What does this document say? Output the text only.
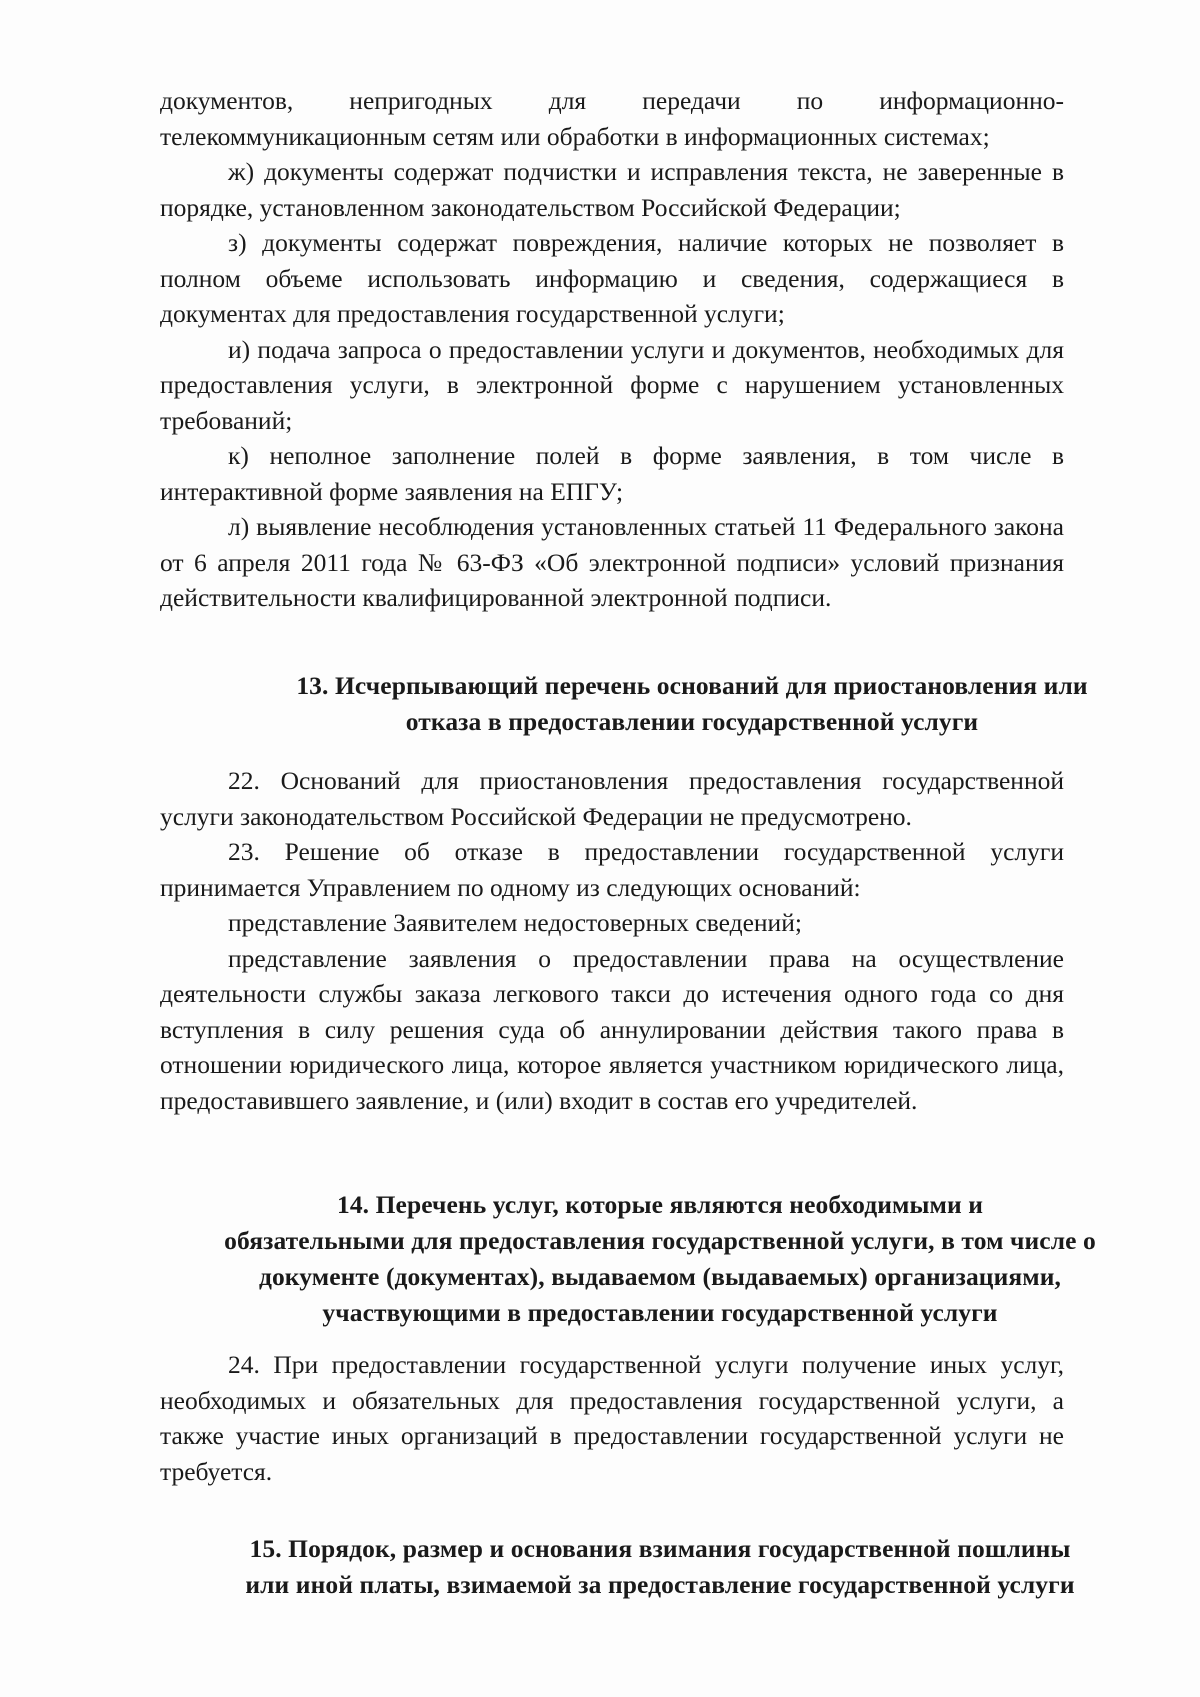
документов, непригодных для передачи по информационно-телекоммуникационным сетям или обработки в информационных системах;

ж) документы содержат подчистки и исправления текста, не заверенные в порядке, установленном законодательством Российской Федерации;

з) документы содержат повреждения, наличие которых не позволяет в полном объеме использовать информацию и сведения, содержащиеся в документах для предоставления государственной услуги;

и) подача запроса о предоставлении услуги и документов, необходимых для предоставления услуги, в электронной форме с нарушением установленных требований;

к) неполное заполнение полей в форме заявления, в том числе в интерактивной форме заявления на ЕПГУ;

л) выявление несоблюдения установленных статьей 11 Федерального закона от 6 апреля 2011 года № 63-ФЗ «Об электронной подписи» условий признания действительности квалифицированной электронной подписи.

13. Исчерпывающий перечень оснований для приостановления или
отказа в предоставлении государственной услуги

22. Оснований для приостановления предоставления государственной услуги законодательством Российской Федерации не предусмотрено.

23. Решение об отказе в предоставлении государственной услуги принимается Управлением по одному из следующих оснований:

представление Заявителем недостоверных сведений;

представление заявления о предоставлении права на осуществление деятельности службы заказа легкового такси до истечения одного года со дня вступления в силу решения суда об аннулировании действия такого права в отношении юридического лица, которое является участником юридического лица, предоставившего заявление, и (или) входит в состав его учредителей.

14. Перечень услуг, которые являются необходимыми и
обязательными для предоставления государственной услуги, в том числе о
документе (документах), выдаваемом (выдаваемых) организациями,
участвующими в предоставлении государственной услуги

24. При предоставлении государственной услуги получение иных услуг, необходимых и обязательных для предоставления государственной услуги, а также участие иных организаций в предоставлении государственной услуги не требуется.

15. Порядок, размер и основания взимания государственной пошлины
или иной платы, взимаемой за предоставление государственной услуги
